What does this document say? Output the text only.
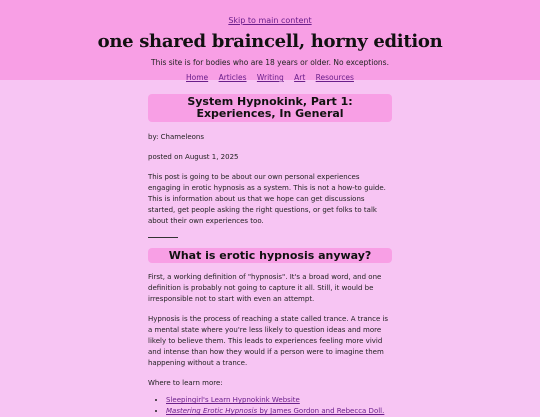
Skip to main content
one shared braincell, horny edition
This site is for bodies who are 18 years or older. No exceptions.
Home Articles Writing Art Resources
System Hypnokink, Part 1: Experiences, In General

by: Chameleons

posted on August 1, 2025

This post is going to be about our own personal experiences engaging in erotic hypnosis as a system. This is not a how-to guide. This is information about us that we hope can get discussions started, get people asking the right questions, or get folks to talk about their own experiences too.

What is erotic hypnosis anyway?

First, a working definition of "hypnosis". It's a broad word, and one definition is probably not going to capture it all. Still, it would be irresponsible not to start with even an attempt.

Hypnosis is the process of reaching a state called trance. A trance is a mental state where you're less likely to question ideas and more likely to believe them. This leads to experiences feeling more vivid and intense than how they would if a person were to imagine them happening without a trance.

Where to learn more:

• Sleepingirl's Learn Hypnokink Website
• Mastering Erotic Hypnosis by James Gordon and Rebecca Doll.
